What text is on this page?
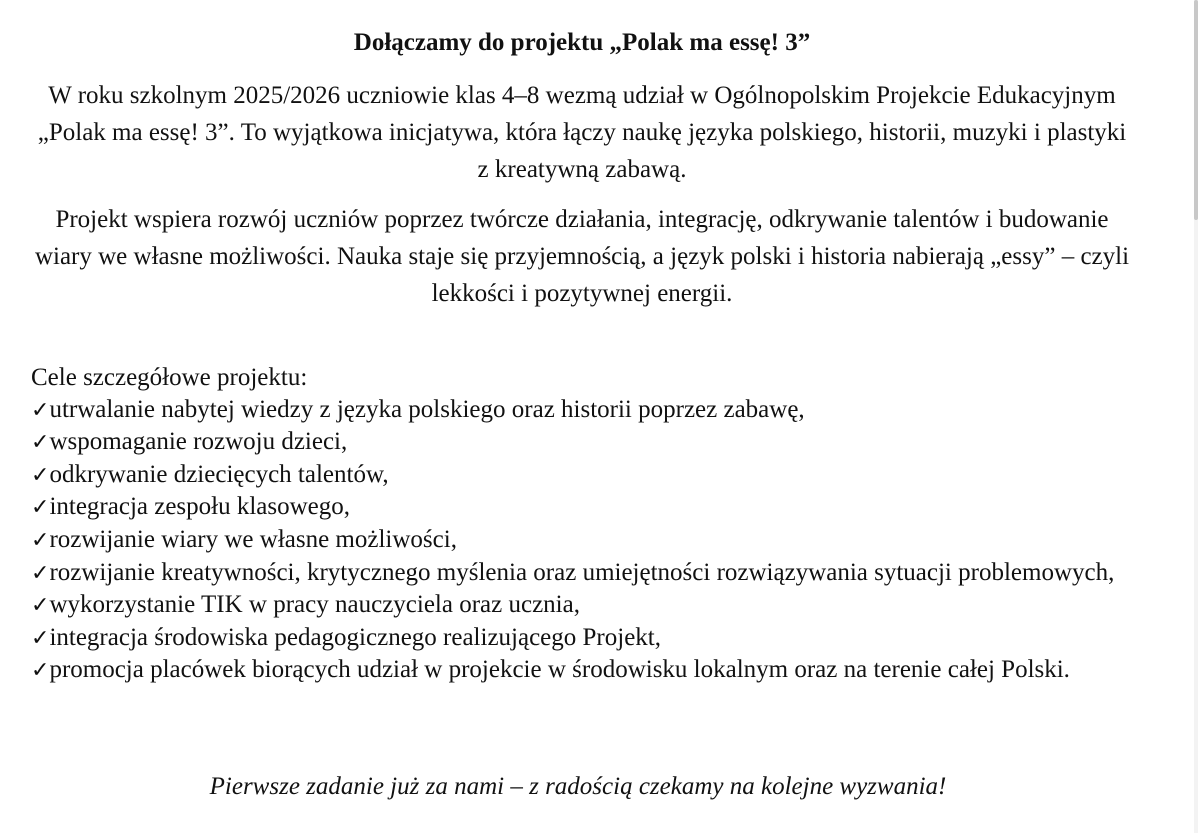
Dołączamy do projektu „Polak ma essę! 3”

W roku szkolnym 2025/2026 uczniowie klas 4–8 wezmą udział w Ogólnopolskim Projekcie Edukacyjnym „Polak ma essę! 3”. To wyjątkowa inicjatywa, która łączy naukę języka polskiego, historii, muzyki i plastyki z kreatywną zabawą.

Projekt wspiera rozwój uczniów poprzez twórcze działania, integrację, odkrywanie talentów i budowanie wiary we własne możliwości. Nauka staje się przyjemnością, a język polski i historia nabierają „essy” – czyli lekkości i pozytywnej energii.

Cele szczegółowe projektu:
✓utrwalanie nabytej wiedzy z języka polskiego oraz historii poprzez zabawę,
✓wspomaganie rozwoju dzieci,
✓odkrywanie dziecięcych talentów,
✓integracja zespołu klasowego,
✓rozwijanie wiary we własne możliwości,
✓rozwijanie kreatywności, krytycznego myślenia oraz umiejętności rozwiązywania sytuacji problemowych,
✓wykorzystanie TIK w pracy nauczyciela oraz ucznia,
✓integracja środowiska pedagogicznego realizującego Projekt,
✓promocja placówek biorących udział w projekcie w środowisku lokalnym oraz na terenie całej Polski.

Pierwsze zadanie już za nami – z radością czekamy na kolejne wyzwania!
